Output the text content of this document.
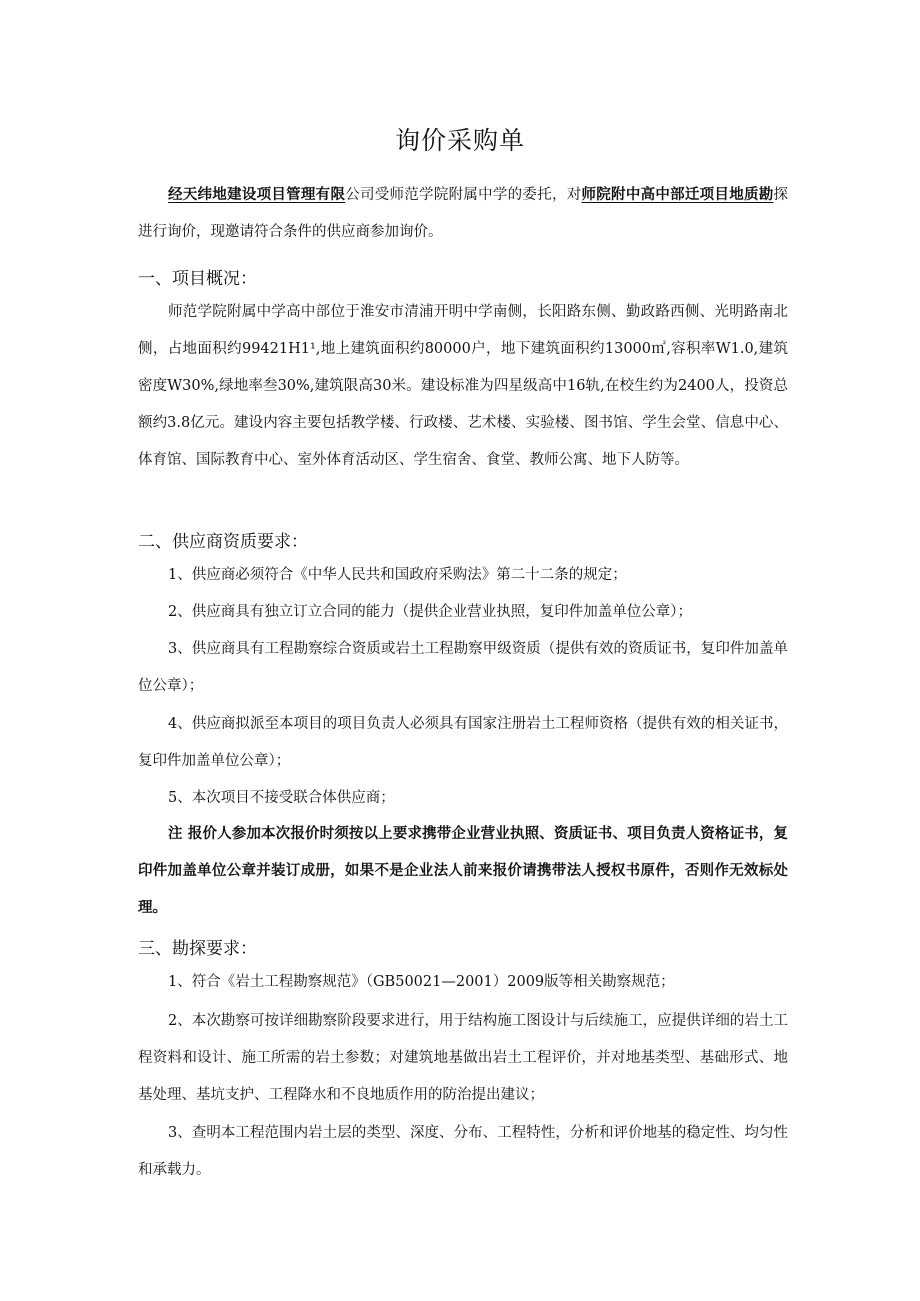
询价采购单
经天纬地建设项目管理有限公司受师范学院附属中学的委托，对师院附中高中部迁项目地质勘探进行询价，现邀请符合条件的供应商参加询价。
一、项目概况：
师范学院附属中学高中部位于淮安市清浦开明中学南侧，长阳路东侧、勤政路西侧、光明路南北侧，占地面积约99421H1¹,地上建筑面积约80000户，地下建筑面积约13000㎡,容积率W1.0,建筑密度W30%,绿地率叁30%,建筑限高30米。建设标准为四星级高中16轨,在校生约为2400人，投资总额约3.8亿元。建设内容主要包括教学楼、行政楼、艺术楼、实验楼、图书馆、学生会堂、信息中心、体育馆、国际教育中心、室外体育活动区、学生宿舍、食堂、教师公寓、地下人防等。
二、供应商资质要求：
1、供应商必须符合《中华人民共和国政府采购法》第二十二条的规定；
2、供应商具有独立订立合同的能力（提供企业营业执照，复印件加盖单位公章）；
3、供应商具有工程勘察综合资质或岩土工程勘察甲级资质（提供有效的资质证书，复印件加盖单位公章）；
4、供应商拟派至本项目的项目负责人必须具有国家注册岩土工程师资格（提供有效的相关证书，复印件加盖单位公章）；
5、本次项目不接受联合体供应商；
注 报价人参加本次报价时须按以上要求携带企业营业执照、资质证书、项目负责人资格证书，复印件加盖单位公章并装订成册，如果不是企业法人前来报价请携带法人授权书原件，否则作无效标处理。
三、勘探要求：
1、符合《岩土工程勘察规范》（GB50021—2001）2009版等相关勘察规范；
2、本次勘察可按详细勘察阶段要求进行，用于结构施工图设计与后续施工，应提供详细的岩土工程资料和设计、施工所需的岩土参数；对建筑地基做出岩土工程评价，并对地基类型、基础形式、地基处理、基坑支护、工程降水和不良地质作用的防治提出建议；
3、查明本工程范围内岩土层的类型、深度、分布、工程特性，分析和评价地基的稳定性、均匀性和承载力。
